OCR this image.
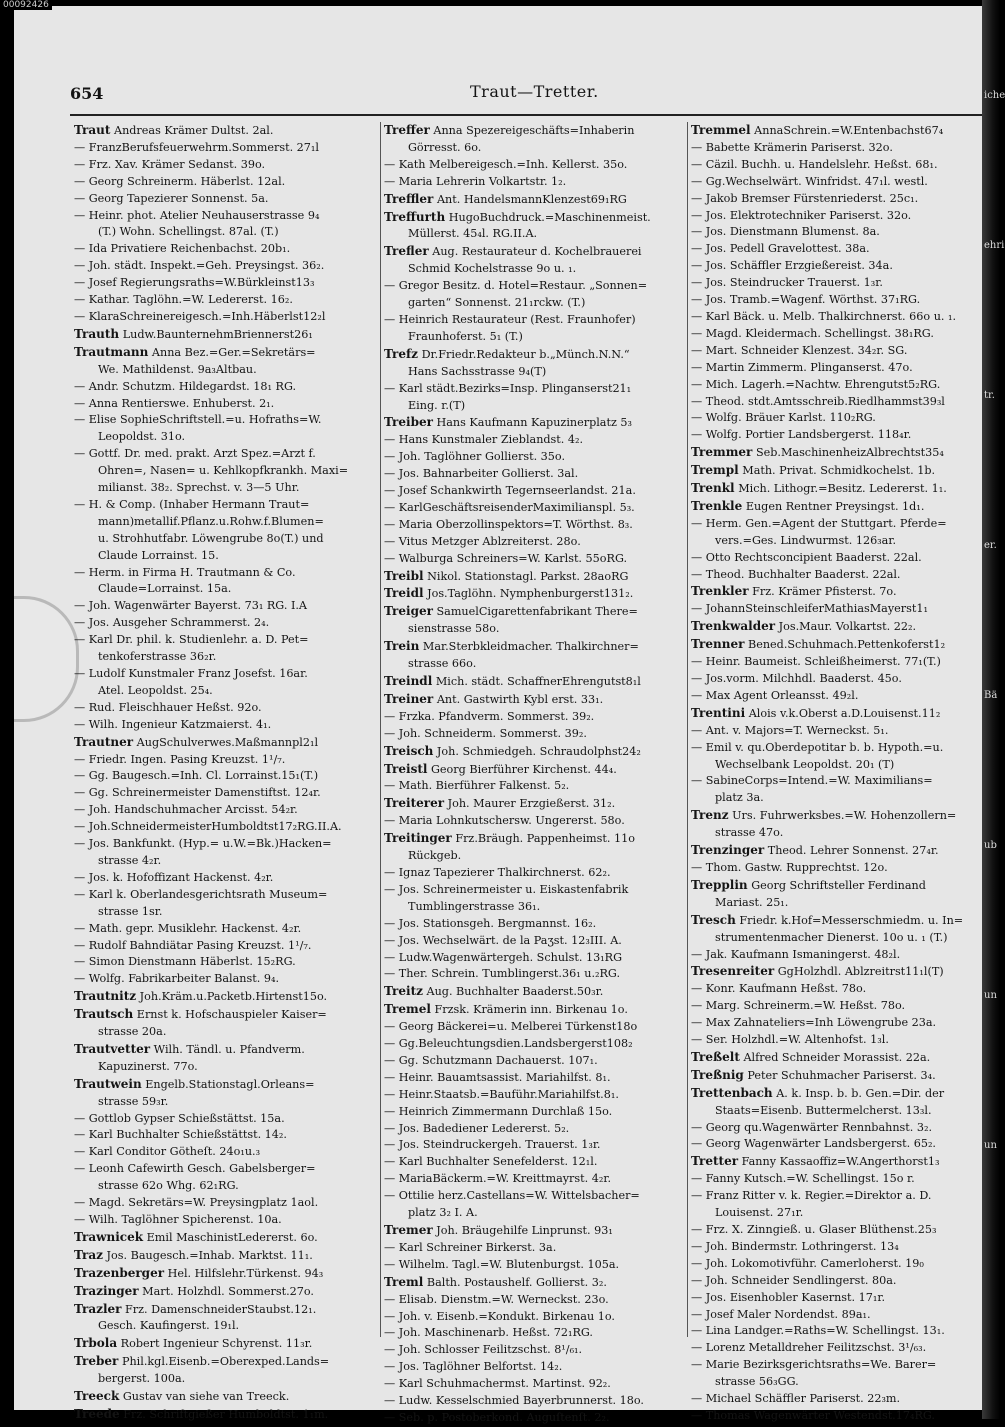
654	Traut—Tretter.
Traut Andreas Krämer Dultst. 2al.
— FranzBerufsfeuerwehrm.Sommerst. 27₁l
— Frz. Xav. Krämer Sedanst. 39o.
— Georg Schreinerm. Häberlst. 12al.
— Georg Tapezierer Sonnenst. 5a.
— Heinr. phot. Atelier Neuhauserstrasse 9₄
(T.) Wohn. Schellingst. 87al. (T.)
— Ida Privatiere Reichenbachst. 20b₁.
— Joh. städt. Inspekt.=Geh. Preysingst. 36₂.
— Josef Regierungsraths=W.Bürkleinst13₃
— Kathar. Taglöhn.=W. Ledererst. 16₂.
— KlaraSchreinereigesch.=Inh.Häberlst12₂l
Trauth Ludw.BaunternehmBriennerst26₁
Trautmann Anna Bez.=Ger.=Sekretärs=
We. Mathildenst. 9a₃Altbau.
— Andr. Schutzm. Hildegardst. 18₁ RG.
— Anna Rentierswe. Enhuberst. 2₁.
— Elise SophieSchriftstell.=u. Hofraths=W.
Leopoldst. 31o.
— Gottf. Dr. med. prakt. Arzt Spez.=Arzt f.
Ohren=, Nasen= u. Kehlkopfkrankh. Maxi=
milianst. 38₂. Sprechst. v. 3—5 Uhr.
— H. & Comp. (Inhaber Hermann Traut=
mann)metallif.Pflanz.u.Rohw.f.Blumen=
u. Strohhutfabr. Löwengrube 8o(T.) und
Claude Lorrainst. 15.
— Herm. in Firma H. Trautmann & Co.
Claude=Lorrainst. 15a.
— Joh. Wagenwärter Bayerst. 73₁ RG. I.A
— Jos. Ausgeher Schrammerst. 2₄.
— Karl Dr. phil. k. Studienlehr. a. D. Pet=
tenkoferstrasse 36₂r.
— Ludolf Kunstmaler Franz Josefst. 16ar.
Atel. Leopoldst. 25₄.
— Rud. Fleischhauer Heßst. 92o.
— Wilh. Ingenieur Katzmaierst. 4₁.
Trautner AugSchulverwes.Maßmannpl2₁l
— Friedr. Ingen. Pasing Kreuzst. 1¹/₇.
— Gg. Baugesch.=Inh. Cl. Lorrainst.15₁(T.)
— Gg. Schreinermeister Damenstiftst. 12₄r.
— Joh. Handschuhmacher Arcisst. 54₂r.
— Joh.SchneidermeisterHumboldtst17₂RG.II.A.
— Jos. Bankfunkt. (Hyp.= u.W.=Bk.)Hacken=
strasse 4₂r.
— Jos. k. Hofoffizant Hackenst. 4₂r.
— Karl k. Oberlandesgerichtsrath Museum=
strasse 1sr.
— Math. gepr. Musiklehr. Hackenst. 4₂r.
— Rudolf Bahndiätar Pasing Kreuzst. 1¹/₇.
— Simon Dienstmann Häberlst. 15₂RG.
— Wolfg. Fabrikarbeiter Balanst. 9₄.
Trautnitz Joh.Kräm.u.Packetb.Hirtenst15o.
Trautsch Ernst k. Hofschauspieler Kaiser=
strasse 20a.
Trautvetter Wilh. Tändl. u. Pfandverm.
Kapuzinerst. 77o.
Trautwein Engelb.Stationstagl.Orleans=
strasse 59₃r.
— Gottlob Gypser Schießstättst. 15a.
— Karl Buchhalter Schießstättst. 14₂.
— Karl Conditor Götheſt. 24o₁u.₃
— Leonh Cafewirth Gesch. Gabelsberger=
strasse 62o Whg. 62₁RG.
— Magd. Sekretärs=W. Preysingplatz 1aol.
— Wilh. Taglöhner Spicherenst. 10a.
Trawnicek Emil MaschinistLedererst. 6o.
Traz Jos. Baugesch.=Inhab. Marktst. 11₁.
Trazenberger Hel. Hilfslehr.Türkenst. 94₃
Trazinger Mart. Holzhdl. Sommerst.27o.
Trazler Frz. DamenschneiderStaubst.12₁.
Gesch. Kaufingerst. 19₁l.
Trbola Robert Ingenieur Schyrenst. 11₃r.
Treber Phil.kgl.Eisenb.=Oberexped.Lands=
bergerst. 100a.
Treeck Gustav van siehe van Treeck.
Treede Frz. Schriftgießer Humboldtst. 1₁m.
Treffer Anna Spezereigeschäfts=Inhaberin
Görresst. 6o.
— Kath Melbereigesch.=Inh. Kellerst. 35o.
— Maria Lehrerin Volkartstr. 1₂.
Treffler Ant. HandelsmannKlenzest69₁RG
Treffurth HugoBuchdruck.=Maschinenmeist.
Müllerst. 45₄l. RG.II.A.
Trefler Aug. Restaurateur d. Kochelbrauerei
Schmid Kochelstrasse 9o u. ₁.
— Gregor Besitz. d. Hotel=Restaur. „Sonnen=
garten“ Sonnenst. 21₁rckw. (T.)
— Heinrich Restaurateur (Rest. Fraunhofer)
Fraunhoferst. 5₁ (T.)
Trefz Dr.Friedr.Redakteur b.„Münch.N.N.“
Hans Sachsstrasse 9₄(T)
— Karl städt.Bezirks=Insp. Plinganserst21₁
Eing. r.(T)
Treiber Hans Kaufmann Kapuzinerplatz 5₃
— Hans Kunstmaler Zieblandst. 4₂.
— Joh. Taglöhner Gollierst. 35o.
— Jos. Bahnarbeiter Gollierst. 3al.
— Josef Schankwirth Tegernseerlandst. 21a.
— KarlGeschäftsreisenderMaximilianspl. 5₃.
— Maria Oberzollinspektors=T. Wörthst. 8₃.
— Vitus Metzger Ablzreiterst. 28o.
— Walburga Schreiners=W. Karlst. 55oRG.
Treibl Nikol. Stationstagl. Parkst. 28aoRG
Treidl Jos.Taglöhn. Nymphenburgerst131₂.
Treiger SamuelCigarettenfabrikant There=
sienstrasse 58o.
Trein Mar.Sterbkleidmacher. Thalkirchner=
strasse 66o.
Treindl Mich. städt. SchaffnerEhrengutst8₁l
Treiner Ant. Gastwirth Kybl erst. 33₁.
— Frzka. Pfandverm. Sommerst. 39₂.
— Joh. Schneiderm. Sommerst. 39₂.
Treisch Joh. Schmiedgeh. Schraudolphst24₂
Treistl Georg Bierführer Kirchenst. 44₄.
— Math. Bierführer Falkenst. 5₂.
Treiterer Joh. Maurer Erzgießerst. 31₂.
— Maria Lohnkutschersw. Ungererst. 58o.
Treitinger Frz.Bräugh. Pappenheimst. 11o
Rückgeb.
— Ignaz Tapezierer Thalkirchnerst. 62₂.
— Jos. Schreinermeister u. Eiskastenfabrik
Tumblingerstrasse 36₁.
— Jos. Stationsgeh. Bergmannst. 16₂.
— Jos. Wechselwärt. de la Paʒst. 12₃III. A.
— Ludw.Wagenwärtergeh. Schulst. 13₁RG
— Ther. Schrein. Tumblingerst.36₁ u.₂RG.
Treitz Aug. Buchhalter Baaderst.50₃r.
Tremel Frzsk. Krämerin inn. Birkenau 1o.
— Georg Bäckerei=u. Melberei Türkenst18o
— Gg.Beleuchtungsdien.Landsbergerst108₂
— Gg. Schutzmann Dachauerst. 107₁.
— Heinr. Bauamtsassist. Mariahilfst. 8₁.
— Heinr.Staatsb.=Bauführ.Mariahilfst.8₁.
— Heinrich Zimmermann Durchlaß 15o.
— Jos. Badediener Ledererst. 5₂.
— Jos. Steindruckergeh. Trauerst. 1₃r.
— Karl Buchhalter Senefelderst. 12₁l.
— MariaBäckerm.=W. Kreittmayrst. 4₂r.
— Ottilie herz.Castellans=W. Wittelsbacher=
platz 3₂ I. A.
Tremer Joh. Bräugehilfe Linprunst. 93₁
— Karl Schreiner Birkerst. 3a.
— Wilhelm. Tagl.=W. Blutenburgst. 105a.
Treml Balth. Postaushelf. Gollierst. 3₂.
— Elisab. Dienstm.=W. Werneckst. 23o.
— Joh. v. Eisenb.=Kondukt. Birkenau 1o.
— Joh. Maschinenarb. Heßst. 72₁RG.
— Joh. Schlosser Feilitzschst. 8¹/₆₁.
— Jos. Taglöhner Belfortst. 14₂.
— Karl Schuhmachermst. Martinst. 92₂.
— Ludw. Kesselschmied Bayerbrunnerst. 18o.
— Seb. p. Postoberkond. Auguſtenſt. 2₂.
Tremmel AnnaSchrein.=W.Entenbachst67₄
— Babette Krämerin Pariserst. 32o.
— Cäzil. Buchh. u. Handelslehr. Heßst. 68₁.
— Gg.Wechselwärt. Winfridst. 47₁l. westl.
— Jakob Bremser Fürstenriederst. 25c₁.
— Jos. Elektrotechniker Pariserst. 32o.
— Jos. Dienstmann Blumenst. 8a.
— Jos. Pedell Gravelottest. 38a.
— Jos. Schäffler Erzgießereist. 34a.
— Jos. Steindrucker Trauerst. 1₃r.
— Jos. Tramb.=Wagenf. Wörthst. 37₁RG.
— Karl Bäck. u. Melb. Thalkirchnerst. 66o u. ₁.
— Magd. Kleidermach. Schellingst. 38₁RG.
— Mart. Schneider Klenzest. 34₂r. SG.
— Martin Zimmerm. Plinganserst. 47o.
— Mich. Lagerh.=Nachtw. Ehrengutst5₂RG.
— Theod. stdt.Amtsschreib.Riedlhammst39₃l
— Wolfg. Bräuer Karlst. 110₂RG.
— Wolfg. Portier Landsbergerst. 118₄r.
Tremmer Seb.MaschinenheizAlbrechtst35₄
Trempl Math. Privat. Schmidkochelst. 1b.
Trenkl Mich. Lithogr.=Besitz. Ledererst. 1₁.
Trenkle Eugen Rentner Preysingst. 1d₁.
— Herm. Gen.=Agent der Stuttgart. Pferde=
vers.=Ges. Lindwurmst. 126₃ar.
— Otto Rechtsconcipient Baaderst. 22al.
— Theod. Buchhalter Baaderst. 22al.
Trenkler Frz. Krämer Pfisterst. 7o.
— JohannSteinschleiferMathiasMayerst1₁
Trenkwalder Jos.Maur. Volkartst. 22₂.
Trenner Bened.Schuhmach.Pettenkoferst1₂
— Heinr. Baumeist. Schleißheimerst. 77₁(T.)
— Jos.vorm. Milchhdl. Baaderst. 45o.
— Max Agent Orleansst. 49₂l.
Trentini Alois v.k.Oberst a.D.Louisenst.11₂
— Ant. v. Majors=T. Werneckst. 5₁.
— Emil v. qu.Oberdepotitar b. b. Hypoth.=u.
Wechselbank Leopoldst. 20₁ (T)
— SabineCorps=Intend.=W. Maximilians=
platz 3a.
Trenz Urs. Fuhrwerksbes.=W. Hohenzollern=
strasse 47o.
Trenzinger Theod. Lehrer Sonnenst. 27₄r.
— Thom. Gastw. Rupprechtst. 12o.
Trepplin Georg Schriftsteller Ferdinand
Mariast. 25₁.
Tresch Friedr. k.Hof=Messerschmiedm. u. In=
strumentenmacher Dienerst. 10o u. ₁ (T.)
— Jak. Kaufmann Ismaningerst. 48₂l.
Tresenreiter GgHolzhdl. Ablzreitrst11₁l(T)
— Konr. Kaufmann Heßst. 78o.
— Marg. Schreinerm.=W. Heßst. 78o.
— Max Zahnateliers=Inh Löwengrube 23a.
— Ser. Holzhdl.=W. Altenhofst. 1₃l.
Treßelt Alfred Schneider Morassist. 22a.
Treßnig Peter Schuhmacher Pariserst. 3₄.
Trettenbach A. k. Insp. b. b. Gen.=Dir. der
Staats=Eisenb. Buttermelcherst. 13₃l.
— Georg qu.Wagenwärter Rennbahnst. 3₂.
— Georg Wagenwärter Landsbergerst. 65₂.
Tretter Fanny Kassaoffiz=W.Angerthorst1₃
— Fanny Kutsch.=W. Schellingst. 15o r.
— Franz Ritter v. k. Regier.=Direktor a. D.
Louisenst. 27₁r.
— Frz. X. Zinngieß. u. Glaser Blüthenst.25₃
— Joh. Bindermstr. Lothringerst. 13₄
— Joh. Lokomotivführ. Camerloherst. 19₀
— Joh. Schneider Sendlingerst. 80a.
— Jos. Eisenhobler Kasernst. 17₁r.
— Josef Maler Nordendst. 89a₁.
— Lina Landger.=Raths=W. Schellingst. 13₁.
— Lorenz Metalldreher Feilitzschst. 3¹/₆₃.
— Marie Bezirksgerichtsraths=We. Barer=
strasse 56₃GG.
— Michael Schäffler Pariserst. 22₃m.
— Thomas Wagenwärter Westendst.17₄RG.
iche
ehri
tr.
er.
Bä
ub
un
un
00092426
